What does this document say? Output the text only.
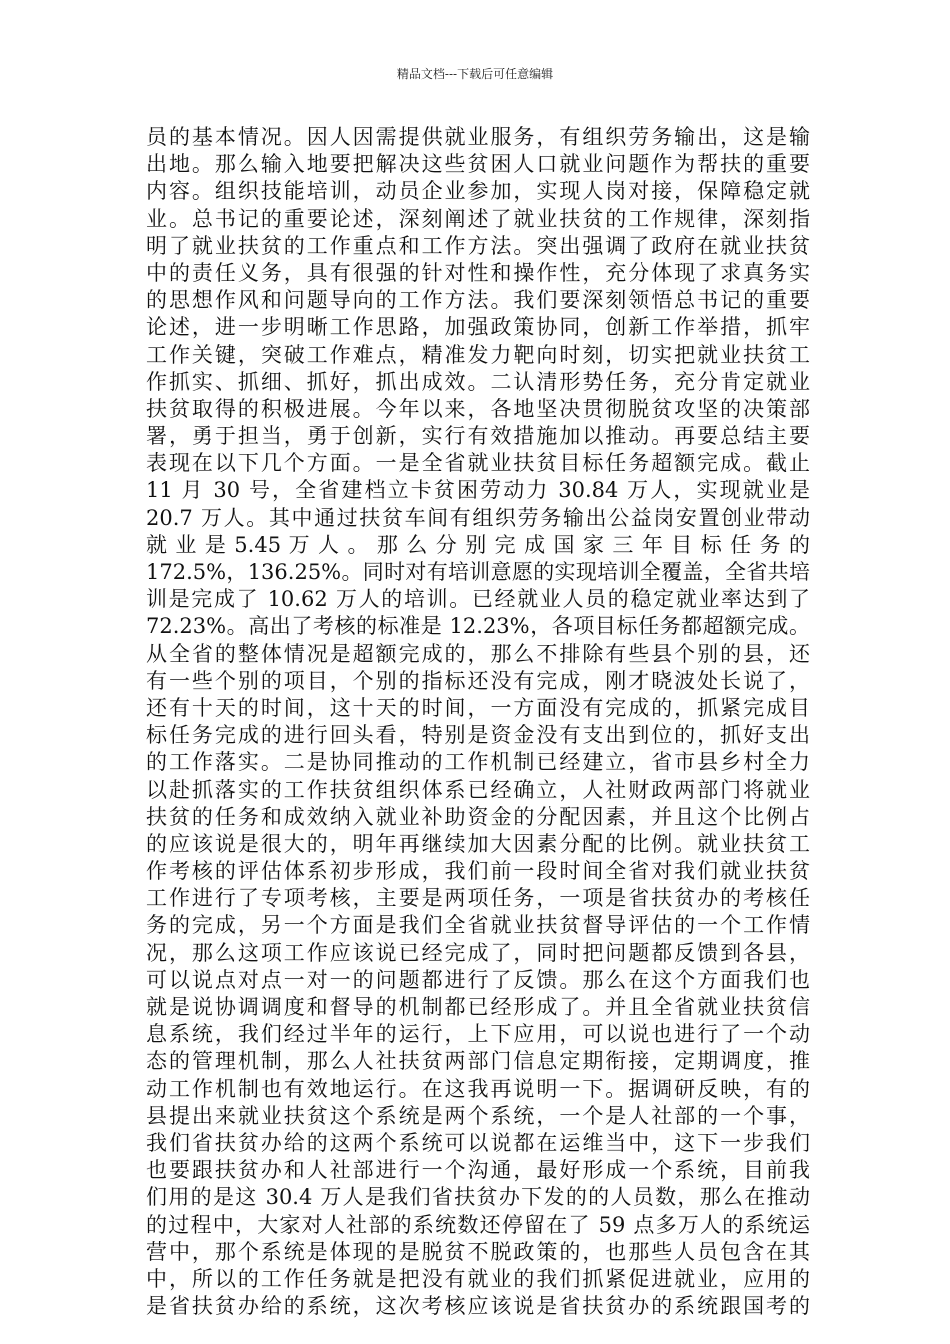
精品文档---下载后可任意编辑
员的基本情况。因人因需提供就业服务，有组织劳务输出，这是输
出地。那么输入地要把解决这些贫困人口就业问题作为帮扶的重要
内容。组织技能培训，动员企业参加，实现人岗对接，保障稳定就
业。总书记的重要论述，深刻阐述了就业扶贫的工作规律，深刻指
明了就业扶贫的工作重点和工作方法。突出强调了政府在就业扶贫
中的责任义务，具有很强的针对性和操作性，充分体现了求真务实
的思想作风和问题导向的工作方法。我们要深刻领悟总书记的重要
论述，进一步明晰工作思路，加强政策协同，创新工作举措，抓牢
工作关键，突破工作难点，精准发力靶向时刻，切实把就业扶贫工
作抓实、抓细、抓好，抓出成效。二认清形势任务，充分肯定就业
扶贫取得的积极进展。今年以来，各地坚决贯彻脱贫攻坚的决策部
署，勇于担当，勇于创新，实行有效措施加以推动。再要总结主要
表现在以下几个方面。一是全省就业扶贫目标任务超额完成。截止
11 月 30 号，全省建档立卡贫困劳动力 30.84 万人，实现就业是
20.7 万人。其中通过扶贫车间有组织劳务输出公益岗安置创业带动
就 业 是 5.45 万 人 。 那 么 分 别 完 成 国 家 三 年 目 标 任 务 的
172.5%，136.25%。同时对有培训意愿的实现培训全覆盖，全省共培
训是完成了 10.62 万人的培训。已经就业人员的稳定就业率达到了
72.23%。高出了考核的标准是 12.23%，各项目标任务都超额完成。
从全省的整体情况是超额完成的，那么不排除有些县个别的县，还
有一些个别的项目，个别的指标还没有完成，刚才晓波处长说了，
还有十天的时间，这十天的时间，一方面没有完成的，抓紧完成目
标任务完成的进行回头看，特别是资金没有支出到位的，抓好支出
的工作落实。二是协同推动的工作机制已经建立，省市县乡村全力
以赴抓落实的工作扶贫组织体系已经确立，人社财政两部门将就业
扶贫的任务和成效纳入就业补助资金的分配因素，并且这个比例占
的应该说是很大的，明年再继续加大因素分配的比例。就业扶贫工
作考核的评估体系初步形成，我们前一段时间全省对我们就业扶贫
工作进行了专项考核，主要是两项任务，一项是省扶贫办的考核任
务的完成，另一个方面是我们全省就业扶贫督导评估的一个工作情
况，那么这项工作应该说已经完成了，同时把问题都反馈到各县，
可以说点对点一对一的问题都进行了反馈。那么在这个方面我们也
就是说协调调度和督导的机制都已经形成了。并且全省就业扶贫信
息系统，我们经过半年的运行，上下应用，可以说也进行了一个动
态的管理机制，那么人社扶贫两部门信息定期衔接，定期调度，推
动工作机制也有效地运行。在这我再说明一下。据调研反映，有的
县提出来就业扶贫这个系统是两个系统，一个是人社部的一个事，
我们省扶贫办给的这两个系统可以说都在运维当中，这下一步我们
也要跟扶贫办和人社部进行一个沟通，最好形成一个系统，目前我
们用的是这 30.4 万人是我们省扶贫办下发的的人员数，那么在推动
的过程中，大家对人社部的系统数还停留在了 59 点多万人的系统运
营中，那个系统是体现的是脱贫不脱政策的，也那些人员包含在其
中，所以的工作任务就是把没有就业的我们抓紧促进就业，应用的
是省扶贫办给的系统，这次考核应该说是省扶贫办的系统跟国考的
